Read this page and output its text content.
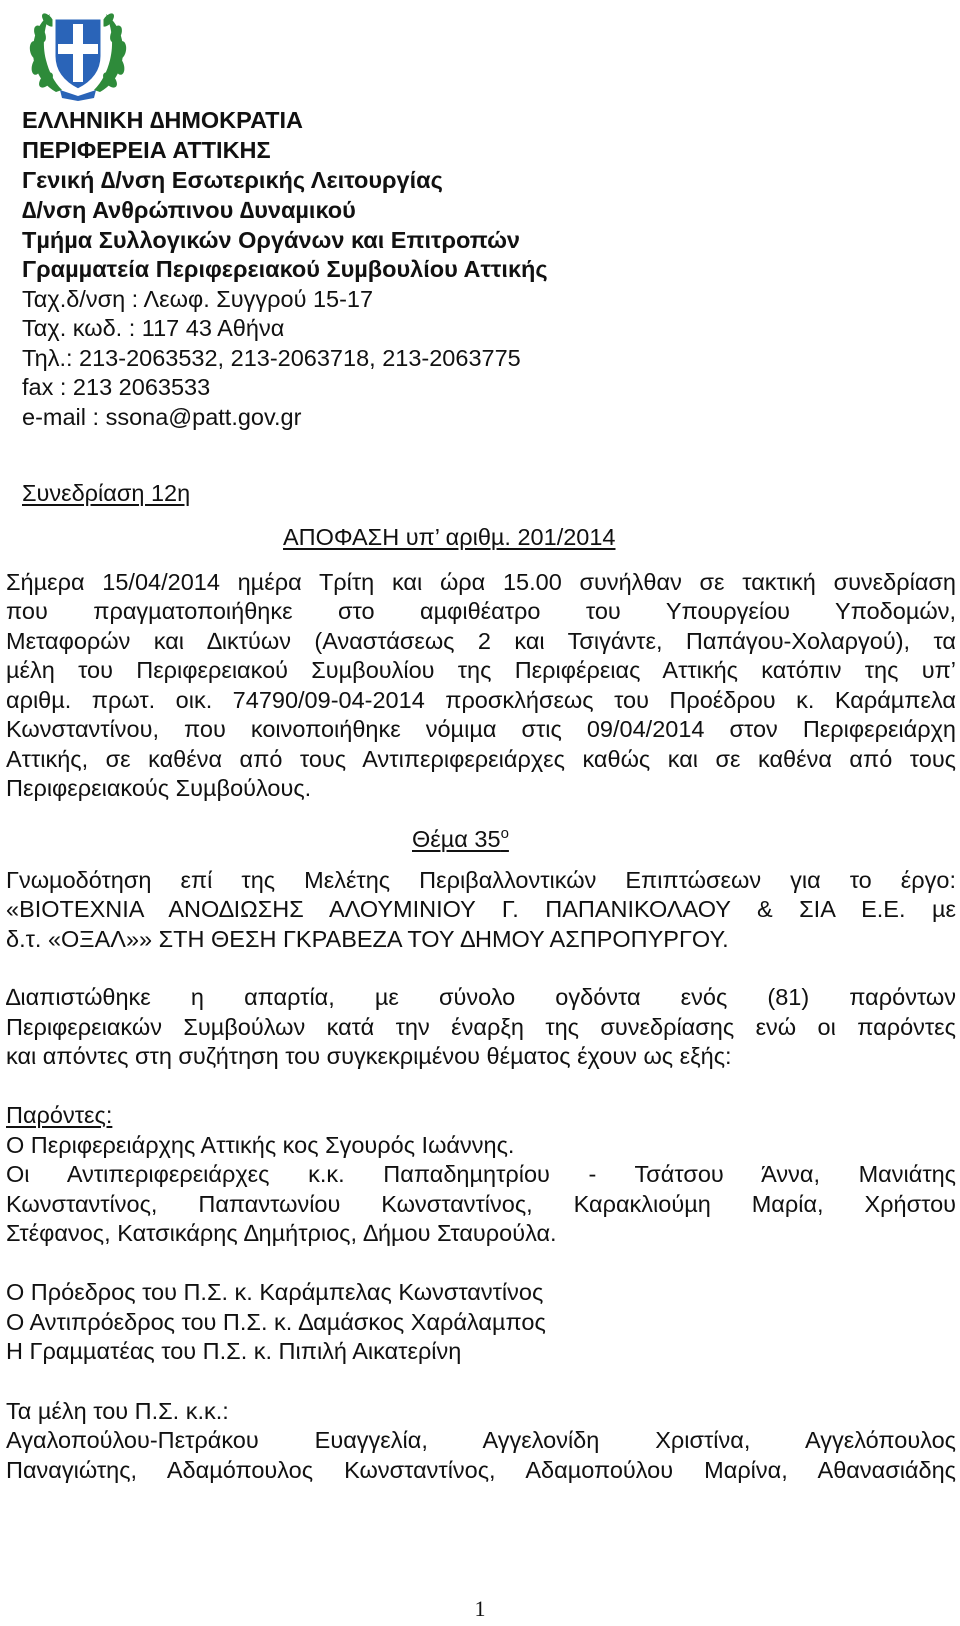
ΕΛΛΗΝΙΚΗ ∆ΗΜΟΚΡΑΤΙΑ
ΠΕΡΙΦΕΡΕΙΑ ΑΤΤΙΚΗΣ
Γενική ∆/νση Εσωτερικής Λειτουργίας
∆/νση Ανθρώπινου ∆υναµικού
Τµήµα Συλλογικών Οργάνων και Επιτροπών
Γραµµατεία Περιφερειακού Συµβουλίου Αττικής
Ταχ.δ/νση : Λεωφ. Συγγρού 15-17
Ταχ. κωδ. : 117 43 Αθήνα
Τηλ.: 213-2063532, 213-2063718, 213-2063775
fax : 213 2063533
e-mail : ssona@patt.gov.gr
Συνεδρίαση 12η
ΑΠΟΦΑΣΗ υπ’ αριθµ. 201/2014
Σήµερα 15/04/2014 ηµέρα Τρίτη και ώρα 15.00 συνήλθαν σε τακτική συνεδρίαση
που πραγµατοποιήθηκε στο αµφιθέατρο του Υπουργείου Υποδοµών,
Μεταφορών και ∆ικτύων (Αναστάσεως 2 και Τσιγάντε, Παπάγου-Χολαργού), τα
µέλη του Περιφερειακού Συµβουλίου της Περιφέρειας Αττικής κατόπιν της υπ’
αριθµ. πρωτ. οικ. 74790/09-04-2014 προσκλήσεως του Προέδρου κ. Καράµπελα
Κωνσταντίνου, που κοινοποιήθηκε νόµιµα στις 09/04/2014 στον Περιφερειάρχη
Αττικής, σε καθένα από τους Αντιπεριφερειάρχες καθώς και σε καθένα από τους
Περιφερειακούς Συµβούλους.
Θέµα $35^o$
Γνωµοδότηση επί της Μελέτης Περιβαλλοντικών Επιπτώσεων για το έργο:
«ΒΙΟΤΕΧΝΙΑ ΑΝΟ∆ΙΩΣΗΣ ΑΛΟΥΜΙΝΙΟΥ Γ. ΠΑΠΑΝΙΚΟΛΑΟΥ & ΣΙΑ Ε.Ε. µε
δ.τ. «ΟΞΑΛ»» ΣΤΗ ΘΕΣΗ ΓΚΡΑΒΕΖΑ ΤΟΥ ∆ΗΜΟΥ ΑΣΠΡΟΠΥΡΓΟΥ.
∆ιαπιστώθηκε η απαρτία, µε σύνολο ογδόντα ενός (81) παρόντων
Περιφερειακών Συµβούλων κατά την έναρξη της συνεδρίασης ενώ οι παρόντες
και απόντες στη συζήτηση του συγκεκριµένου θέµατος έχουν ως εξής:
Παρόντες:
Ο Περιφερειάρχης Αττικής κος Σγουρός Ιωάννης.
Οι Αντιπεριφερειάρχες κ.κ. Παπαδηµητρίου - Τσάτσου Άννα, Μανιάτης
Κωνσταντίνος, Παπαντωνίου Κωνσταντίνος, Καρακλιούµη Μαρία, Χρήστου
Στέφανος, Κατσικάρης ∆ηµήτριος, ∆ήµου Σταυρούλα.
Ο Πρόεδρος του Π.Σ. κ. Καράµπελας Κωνσταντίνος
Ο Αντιπρόεδρος του Π.Σ. κ. ∆αµάσκος Χαράλαµπος
Η Γραµµατέας του Π.Σ. κ. Πιπιλή Αικατερίνη
Τα µέλη του Π.Σ. κ.κ.:
Αγαλοπούλου-Πετράκου Ευαγγελία, Αγγελονίδη Χριστίνα, Αγγελόπουλος
Παναγιώτης, Αδαµόπουλος Κωνσταντίνος, Αδαµοπούλου Μαρίνα, Αθανασιάδης
1
